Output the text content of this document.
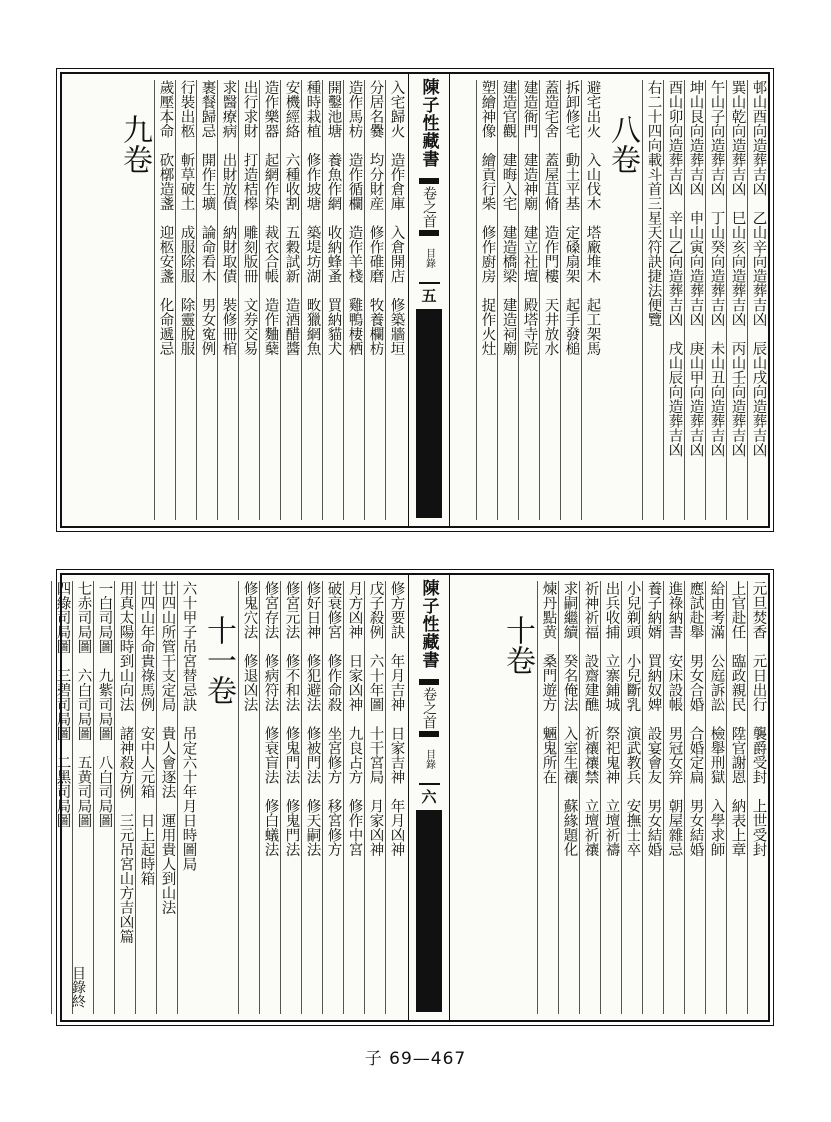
邨山酉向造葬吉凶　乙山辛向造葬吉凶　辰山戌向造葬吉凶
巽山乾向造葬吉凶　巳山亥向造葬吉凶　丙山壬向造葬吉凶
午山子向造葬吉凶　丁山癸向造葬吉凶　未山丑向造葬吉凶
坤山艮向造葬吉凶　申山寅向造葬吉凶　庚山甲向造葬吉凶
酉山卯向造葬吉凶　辛山乙向造葬吉凶　戌山辰向造葬吉凶
右二十四向載斗首三星天符訣捷法便覽
八卷
避宅出火　入山伐木　塔廠堆木　起工架馬
拆卸修宅　動土平基　定磉扇架　起手發槌
蓋造宅舍　蓋屋苴脩　造作門樓　天井放水
建造衙門　建造神廟　建立社壇　殿塔寺院
建造官觀　建晦入宅　建造橋梁　建造祠廟
塑繪神像　繪貢行柴　修作廚房　捉作火灶
陳子性藏書
卷之首
目錄
五
入宅歸火　造作倉庫　入倉開店　修築牆垣
分居名爨　均分財産　修作碓磨　牧養欄枋
造作馬枋　造作循欄　造作羊棧　雞鴨棲栖
開鑿池塘　養魚作網　收納蜂蚤　買納貓犬
種時栽植　修作坡塘　築堤坊湖　畋獵網魚
安機經絡　六種收割　五穀試新　造酒醋醬
造作樂器　起網作染　裁衣合帳　造作麯蘖
出行求財　打造桔槔　雕刻版冊　文券交易
求醫療病　出財放債　納財取債　裝修冊棺
裹餐歸忌　開作生壙　論命看木　男女寃例
行裝出柩　斬草破土　成服除服　除靈脫服
歲壓本命　砍槨造盞　迎柩安盞　化命遞忌
九卷
元旦焚香　元日出行　襲爵受封　上世受封
上官赴任　臨政親民　陞官謝恩　納表上章
給由考滿　公庭訴訟　檢舉刑獄　入學求師
應試赴舉　男女合婚　合婚定扁　男女結婚
進祿納書　安床設帳　男冠女笄　朝屋雜忌
養子納婿　買納奴婢　設宴會友　男女結婚
小兒剃頭　小兒斷乳　演武教兵　安撫士卒
出兵收捕　立寨鋪城　祭祀鬼神　立壇祈禱
祈神祈福　設齋建醮　祈禳禳禁　立壇祈禳
求嗣繼續　癸名俺法　入室生禳　蘇緣題化
煉丹點黄　桑門遊方　魎鬼所在
十卷
陳子性藏書
卷之首
目錄
六
修方要訣　年月吉神　日家吉神　年月凶神
戊子殺例　六十年圖　十干宮局　月家凶神
月方凶神　日家凶神　九良占方　修作中宮
破衰修宮　修作命殺　坐宮修方　移宮修方
修好日神　修犯避法　修被門法　修天嗣法
修宮元法　修不和法　修鬼門法　修鬼門法
修宮存法　修病符法　修衰盲法　修白蟻法
修鬼穴法　修退凶法
十一卷
六十甲子吊宮替忌訣　吊定六十年月日時圖局
廿四山所管干支定局　貴人會逐法　運用貴人到山法
廿四山年命貴祿馬例　安中人元箱　日上起時箱
用真太陽時到山向法　諸神殺方例　三元吊宮山方吉凶篇
一白司局圖　九紫司局圖　八白司局圖
七赤司局圖　六白司局圖　五黄司局圖
四綠司局圖　三碧司局圖　二黑司局圖
目錄終
子 69—467
